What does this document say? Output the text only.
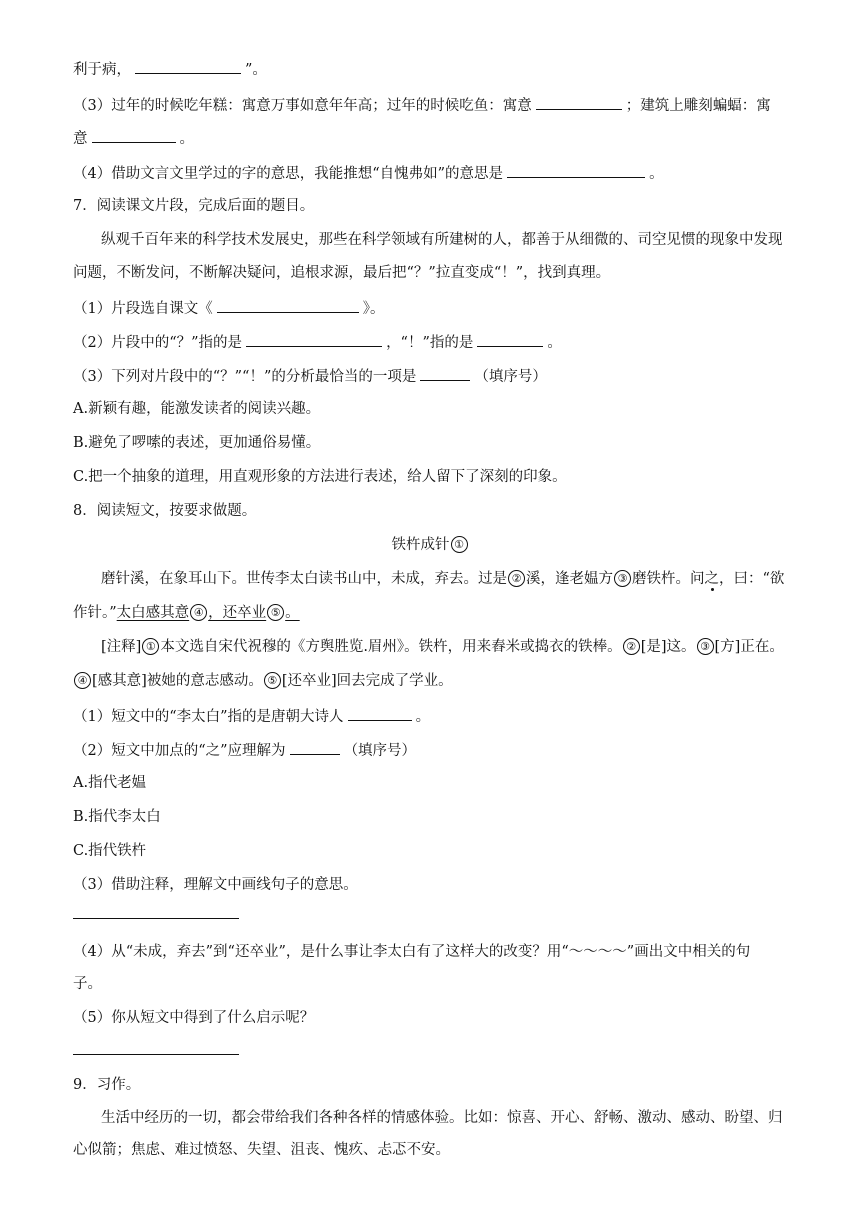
利于病，	”。
（3）过年的时候吃年糕：寓意万事如意年年高；过年的时候吃鱼：寓意	；建筑上雕刻蝙蝠：寓
意	。
（4）借助文言文里学过的字的意思，我能推想“自愧弗如”的意思是	。
7．阅读课文片段，完成后面的题目。
纵观千百年来的科学技术发展史，那些在科学领域有所建树的人，都善于从细微的、司空见惯的现象中发现
问题，不断发问，不断解决疑问，追根求源，最后把“？”拉直变成“！”，找到真理。
（1）片段选自课文《	》。
（2）片段中的“？”指的是	，“！”指的是	。
（3）下列对片段中的“？”“！”的分析最恰当的一项是	（填序号）
A.新颖有趣，能激发读者的阅读兴趣。
B.避免了啰嗦的表述，更加通俗易懂。
C.把一个抽象的道理，用直观形象的方法进行表述，给人留下了深刻的印象。
8．阅读短文，按要求做题。
铁杵成针 ①
磨针溪，在象耳山下。世传李太白读书山中，未成，弃去。过是 ② 溪，逢老媪方 ③ 磨铁杵。问之，曰：“欲
作针。”太白感其意 ④ ，还卒业 ⑤ 。
[注释] ① 本文选自宋代祝穆的《方舆胜览.眉州》。铁杵，用来舂米或捣衣的铁棒。 ② [是]这。 ③ [方]正在。
④ [感其意]被她的意志感动。 ⑤ [还卒业]回去完成了学业。
（1）短文中的“李太白”指的是唐朝大诗人	。
（2）短文中加点的“之”应理解为	（填序号）
A.指代老媪
B.指代李太白
C.指代铁杵
（3）借助注释，理解文中画线句子的意思。
（4）从“未成，弃去”到“还卒业”，是什么事让李太白有了这样大的改变？用“～～～～”画出文中相关的句
子。
（5）你从短文中得到了什么启示呢？
9．习作。
生活中经历的一切，都会带给我们各种各样的情感体验。比如：惊喜、开心、舒畅、激动、感动、盼望、归
心似箭；焦虑、难过愤怒、失望、沮丧、愧疚、忐忑不安。
